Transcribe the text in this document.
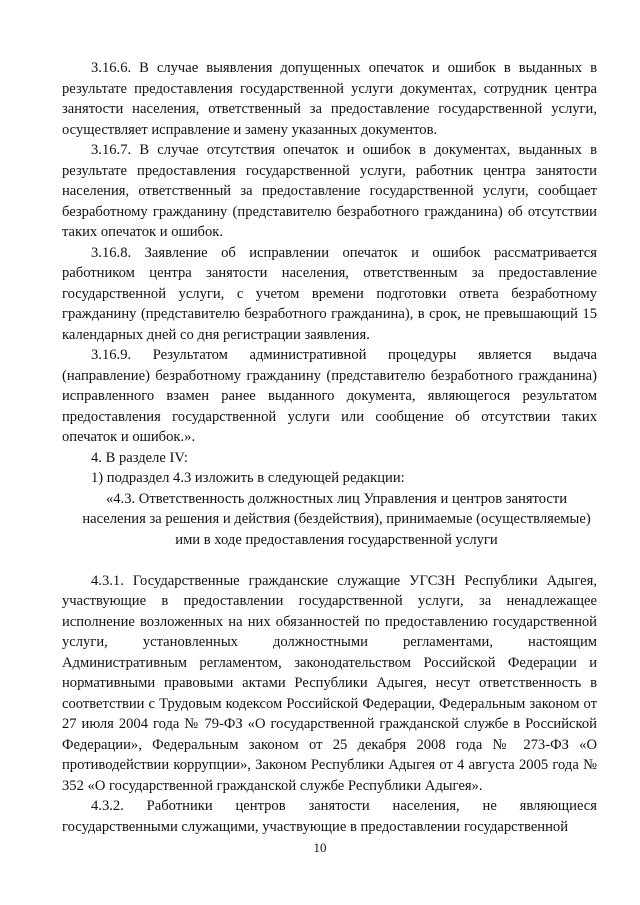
3.16.6. В случае выявления допущенных опечаток и ошибок в выданных в результате предоставления государственной услуги документах, сотрудник центра занятости населения, ответственный за предоставление государственной услуги, осуществляет исправление и замену указанных документов.

3.16.7. В случае отсутствия опечаток и ошибок в документах, выданных в результате предоставления государственной услуги, работник центра занятости населения, ответственный за предоставление государственной услуги, сообщает безработному гражданину (представителю безработного гражданина) об отсутствии таких опечаток и ошибок.

3.16.8. Заявление об исправлении опечаток и ошибок рассматривается работником центра занятости населения, ответственным за предоставление государственной услуги, с учетом времени подготовки ответа безработному гражданину (представителю безработного гражданина), в срок, не превышающий 15 календарных дней со дня регистрации заявления.

3.16.9. Результатом административной процедуры является выдача (направление) безработному гражданину (представителю безработного гражданина) исправленного взамен ранее выданного документа, являющегося результатом предоставления государственной услуги или сообщение об отсутствии таких опечаток и ошибок.».

4. В разделе IV:

1) подраздел 4.3 изложить в следующей редакции:

«4.3. Ответственность должностных лиц Управления и центров занятости населения за решения и действия (бездействия), принимаемые (осуществляемые) ими в ходе предоставления государственной услуги

4.3.1. Государственные гражданские служащие УГСЗН Республики Адыгея, участвующие в предоставлении государственной услуги, за ненадлежащее исполнение возложенных на них обязанностей по предоставлению государственной услуги, установленных должностными регламентами, настоящим Административным регламентом, законодательством Российской Федерации и нормативными правовыми актами Республики Адыгея, несут ответственность в соответствии с Трудовым кодексом Российской Федерации, Федеральным законом от 27 июля 2004 года № 79-ФЗ «О государственной гражданской службе в Российской Федерации», Федеральным законом от 25 декабря 2008 года № 273-ФЗ «О противодействии коррупции», Законом Республики Адыгея от 4 августа 2005 года № 352 «О государственной гражданской службе Республики Адыгея».

4.3.2. Работники центров занятости населения, не являющиеся государственными служащими, участвующие в предоставлении государственной

10
